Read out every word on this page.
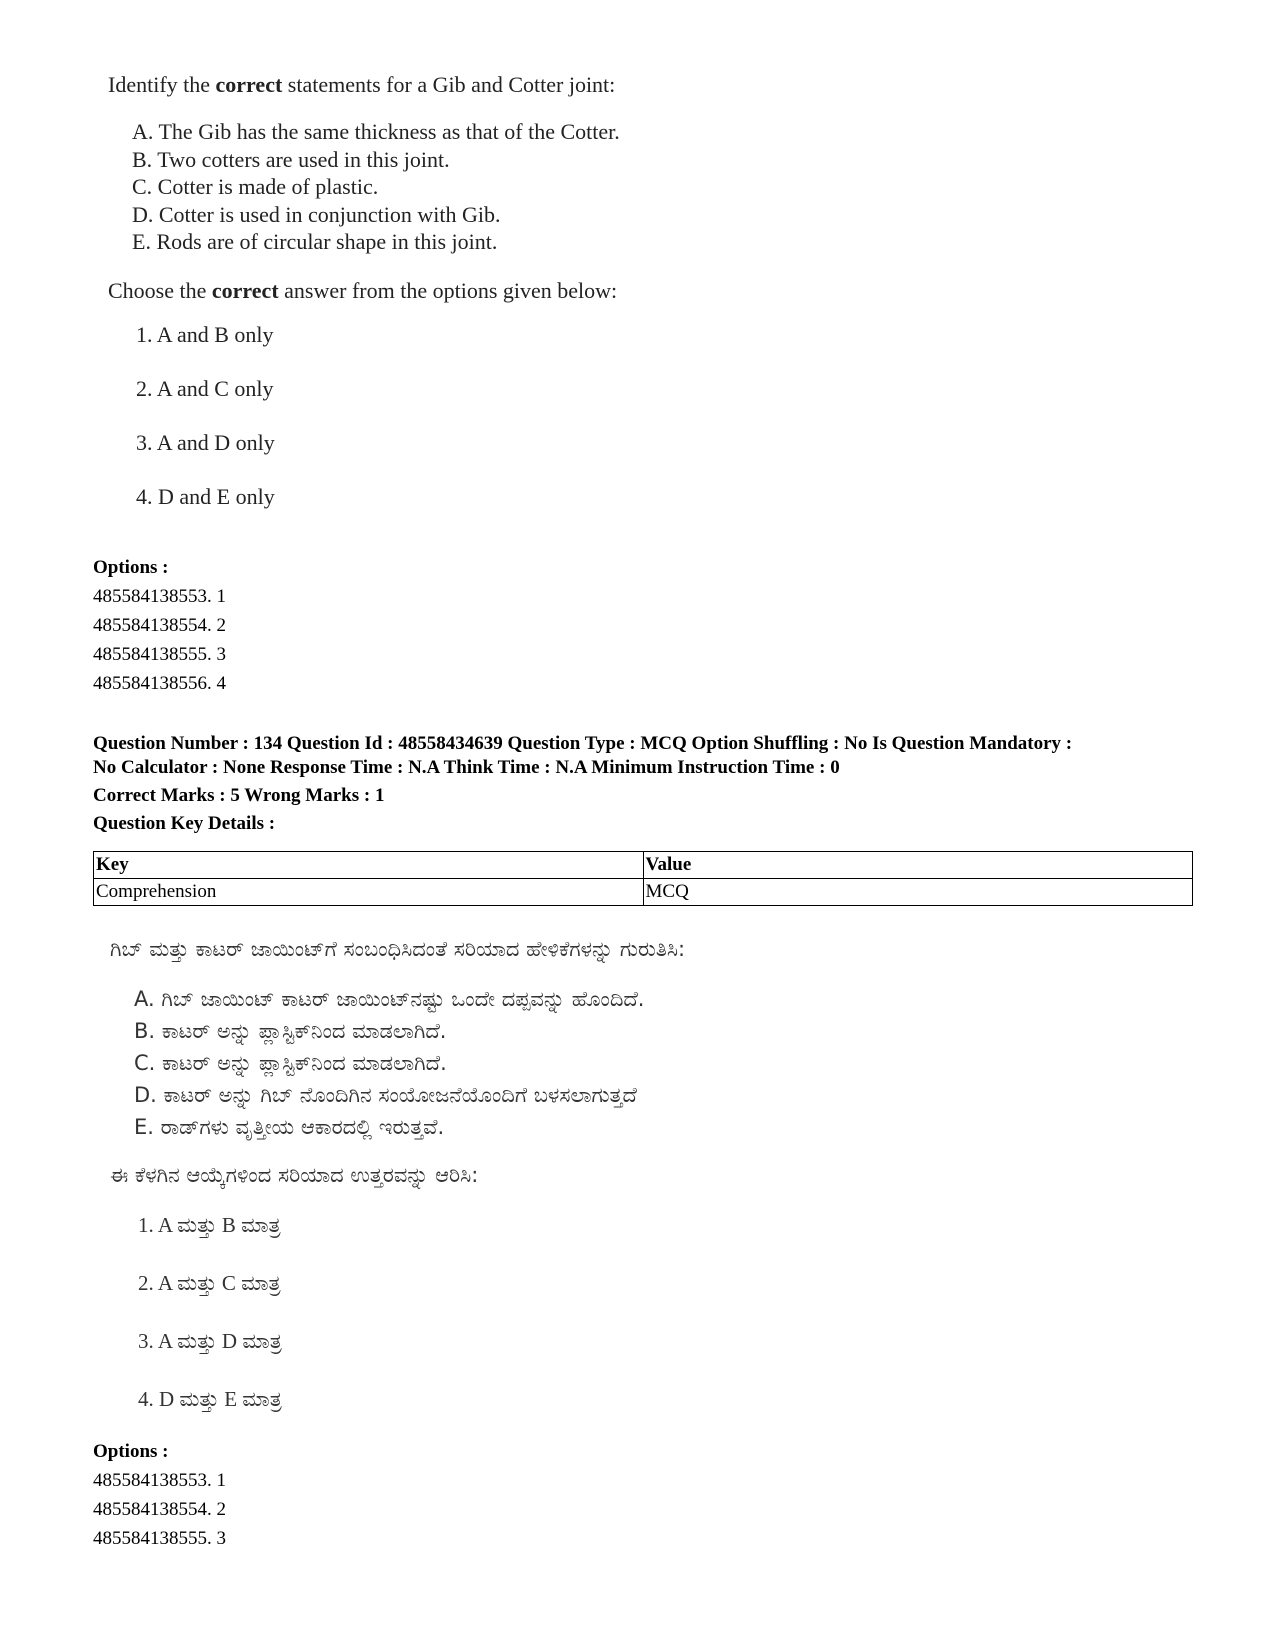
Identify the correct statements for a Gib and Cotter joint:

A. The Gib has the same thickness as that of the Cotter.
B. Two cotters are used in this joint.
C. Cotter is made of plastic.
D. Cotter is used in conjunction with Gib.
E. Rods are of circular shape in this joint.

Choose the correct answer from the options given below:

1. A and B only
2. A and C only
3. A and D only
4. D and E only
Options :
485584138553. 1
485584138554. 2
485584138555. 3
485584138556. 4
Question Number : 134 Question Id : 48558434639 Question Type : MCQ Option Shuffling : No Is Question Mandatory :
No Calculator : None Response Time : N.A Think Time : N.A Minimum Instruction Time : 0
Correct Marks : 5 Wrong Marks : 1
Question Key Details :
Key	Value
Comprehension	MCQ

ಗಿಬ್ ಮತ್ತು ಕಾಟರ್ ಜಾಯಿಂಟ್‌ಗೆ ಸಂಬಂಧಿಸಿದಂತೆ ಸರಿಯಾದ ಹೇಳಿಕೆಗಳನ್ನು ಗುರುತಿಸಿ:

A. ಗಿಬ್ ಜಾಯಿಂಟ್ ಕಾಟರ್ ಜಾಯಿಂಟ್‌ನಷ್ಟು ಒಂದೇ ದಪ್ಪವನ್ನು ಹೊಂದಿದೆ.
B. ಕಾಟರ್ ಅನ್ನು ಪ್ಲಾಸ್ಟಿಕ್‌ನಿಂದ ಮಾಡಲಾಗಿದೆ.
C. ಕಾಟರ್ ಅನ್ನು ಪ್ಲಾಸ್ಟಿಕ್‌ನಿಂದ ಮಾಡಲಾಗಿದೆ.
D. ಕಾಟರ್ ಅನ್ನು ಗಿಬ್ ನೊಂದಿಗಿನ ಸಂಯೋಜನೆಯೊಂದಿಗೆ ಬಳಸಲಾಗುತ್ತದೆ
E. ರಾಡ್‌ಗಳು ವೃತ್ತೀಯ ಆಕಾರದಲ್ಲಿ ಇರುತ್ತವೆ.

ಈ ಕೆಳಗಿನ ಆಯ್ಕೆಗಳಿಂದ ಸರಿಯಾದ ಉತ್ತರವನ್ನು ಆರಿಸಿ:

1. A ಮತ್ತು B ಮಾತ್ರ
2. A ಮತ್ತು C ಮಾತ್ರ
3. A ಮತ್ತು D ಮಾತ್ರ
4. D ಮತ್ತು E ಮಾತ್ರ
Options :
485584138553. 1
485584138554. 2
485584138555. 3
